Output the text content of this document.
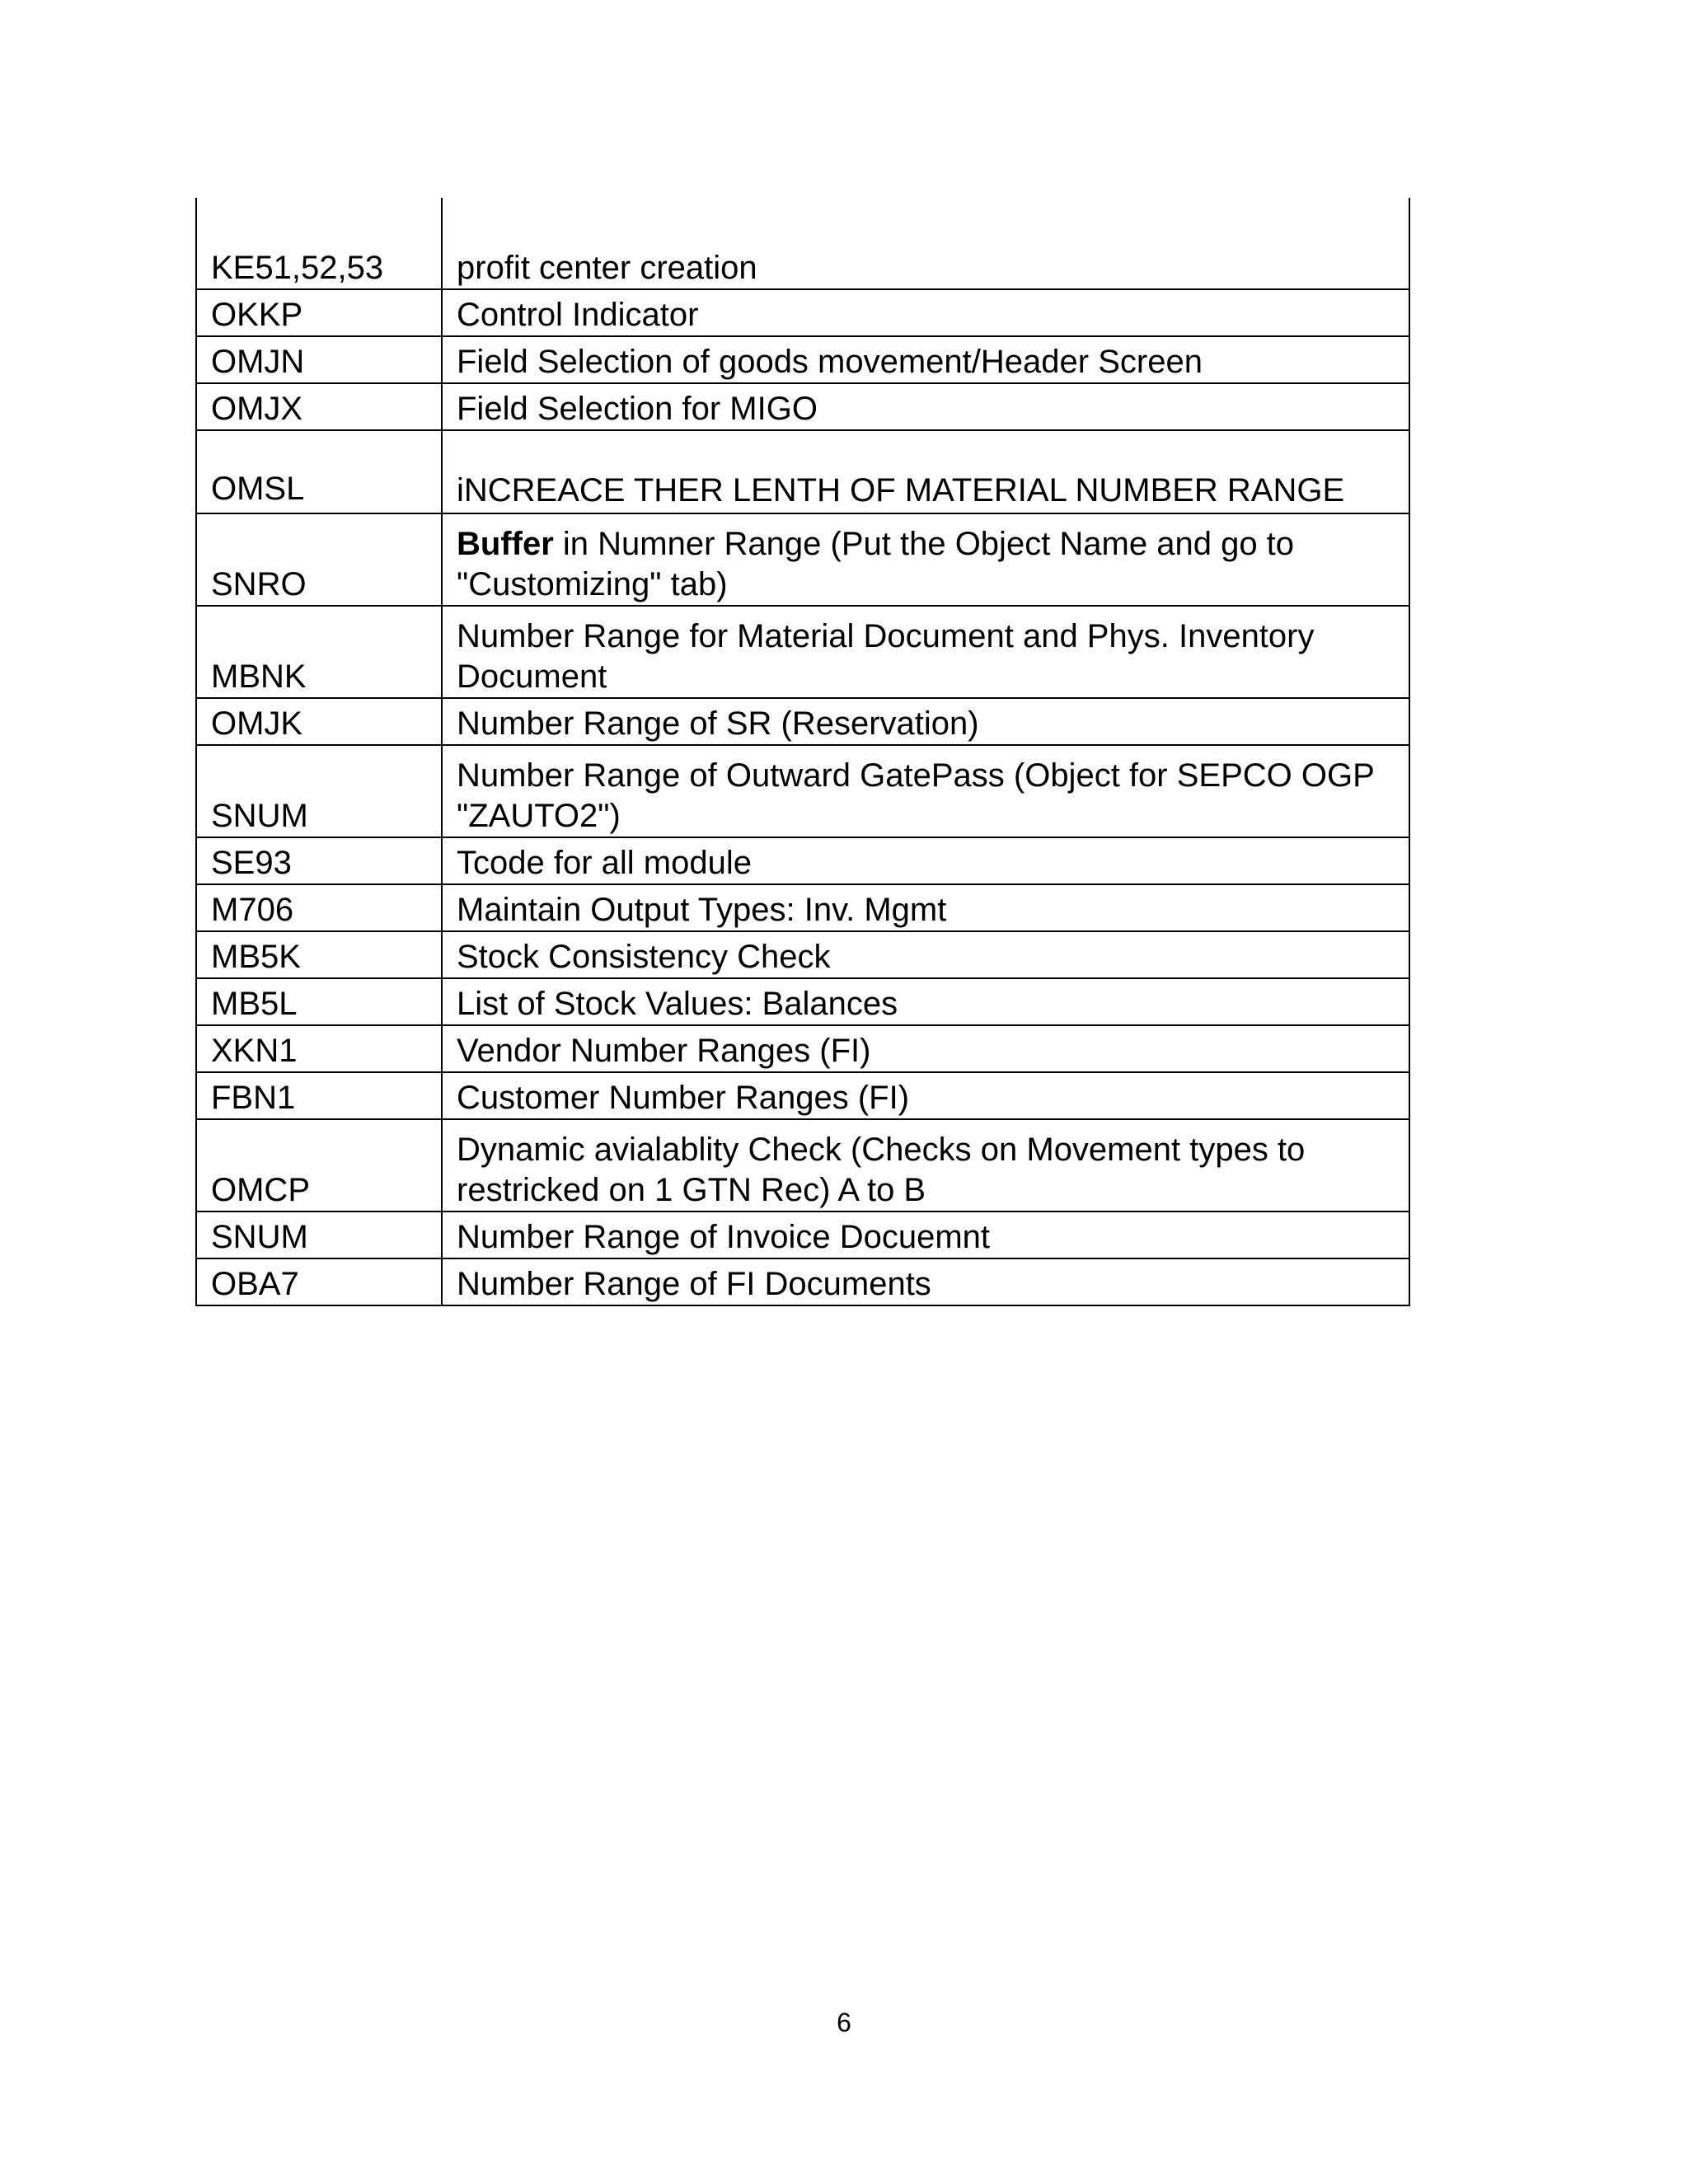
KE51,52,53	profit center creation
OKKP	Control Indicator
OMJN	Field Selection of goods movement/Header Screen
OMJX	Field Selection for MIGO
OMSL	iNCREACE THER LENTH OF MATERIAL NUMBER RANGE
SNRO	Buffer in Numner Range (Put the Object Name and go to "Customizing" tab)
MBNK	Number Range for Material Document and Phys. Inventory Document
OMJK	Number Range of SR (Reservation)
SNUM	Number Range of Outward GatePass (Object for SEPCO OGP "ZAUTO2")
SE93	Tcode for all module
M706	Maintain Output Types: Inv. Mgmt
MB5K	Stock Consistency Check
MB5L	List of Stock Values: Balances
XKN1	Vendor Number Ranges (FI)
FBN1	Customer Number Ranges (FI)
OMCP	Dynamic avialablity Check (Checks on Movement types to restricked on 1 GTN Rec) A to B
SNUM	Number Range of Invoice Docuemnt
OBA7	Number Range of FI Documents
6
